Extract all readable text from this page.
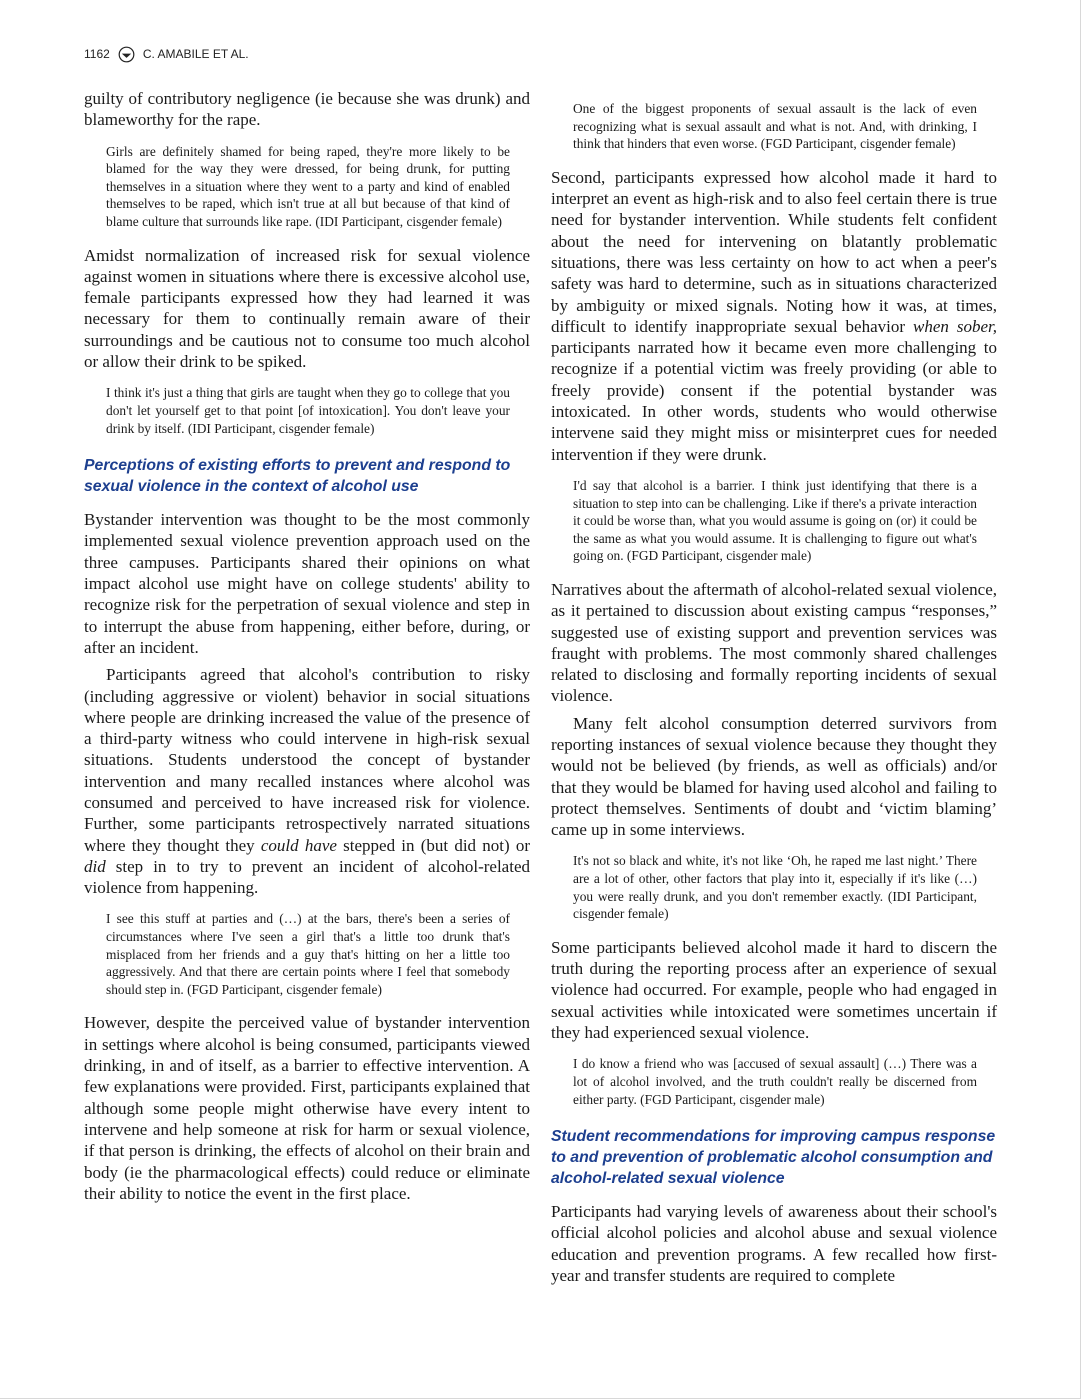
1162	C. AMABILE ET AL.

guilty of contributory negligence (ie because she was drunk) and blameworthy for the rape.

Girls are definitely shamed for being raped, they're more likely to be blamed for the way they were dressed, for being drunk, for putting themselves in a situation where they went to a party and kind of enabled themselves to be raped, which isn't true at all but because of that kind of blame culture that surrounds like rape. (IDI Participant, cisgender female)

Amidst normalization of increased risk for sexual violence against women in situations where there is excessive alcohol use, female participants expressed how they had learned it was necessary for them to continually remain aware of their surroundings and be cautious not to consume too much alcohol or allow their drink to be spiked.

I think it's just a thing that girls are taught when they go to college that you don't let yourself get to that point [of intoxication]. You don't leave your drink by itself. (IDI Participant, cisgender female)
Perceptions of existing efforts to prevent and respond to sexual violence in the context of alcohol use

Bystander intervention was thought to be the most commonly implemented sexual violence prevention approach used on the three campuses. Participants shared their opinions on what impact alcohol use might have on college students' ability to recognize risk for the perpetration of sexual violence and step in to interrupt the abuse from happening, either before, during, or after an incident.

Participants agreed that alcohol's contribution to risky (including aggressive or violent) behavior in social situations where people are drinking increased the value of the presence of a third-party witness who could intervene in high-risk sexual situations. Students understood the concept of bystander intervention and many recalled instances where alcohol was consumed and perceived to have increased risk for violence. Further, some participants retrospectively narrated situations where they thought they could have stepped in (but did not) or did step in to try to prevent an incident of alcohol-related violence from happening.

I see this stuff at parties and (…) at the bars, there's been a series of circumstances where I've seen a girl that's a little too drunk that's misplaced from her friends and a guy that's hitting on her a little too aggressively. And that there are certain points where I feel that somebody should step in. (FGD Participant, cisgender female)

However, despite the perceived value of bystander intervention in settings where alcohol is being consumed, participants viewed drinking, in and of itself, as a barrier to effective intervention. A few explanations were provided. First, participants explained that although some people might otherwise have every intent to intervene and help someone at risk for harm or sexual violence, if that person is drinking, the effects of alcohol on their brain and body (ie the pharmacological effects) could reduce or eliminate their ability to notice the event in the first place.

One of the biggest proponents of sexual assault is the lack of even recognizing what is sexual assault and what is not. And, with drinking, I think that hinders that even worse. (FGD Participant, cisgender female)

Second, participants expressed how alcohol made it hard to interpret an event as high-risk and to also feel certain there is true need for bystander intervention. While students felt confident about the need for intervening on blatantly problematic situations, there was less certainty on how to act when a peer's safety was hard to determine, such as in situations characterized by ambiguity or mixed signals. Noting how it was, at times, difficult to identify inappropriate sexual behavior when sober, participants narrated how it became even more challenging to recognize if a potential victim was freely providing (or able to freely provide) consent if the potential bystander was intoxicated. In other words, students who would otherwise intervene said they might miss or misinterpret cues for needed intervention if they were drunk.

I'd say that alcohol is a barrier. I think just identifying that there is a situation to step into can be challenging. Like if there's a private interaction it could be worse than, what you would assume is going on (or) it could be the same as what you would assume. It is challenging to figure out what's going on. (FGD Participant, cisgender male)

Narratives about the aftermath of alcohol-related sexual violence, as it pertained to discussion about existing campus “responses,” suggested use of existing support and prevention services was fraught with problems. The most commonly shared challenges related to disclosing and formally reporting incidents of sexual violence.

Many felt alcohol consumption deterred survivors from reporting instances of sexual violence because they thought they would not be believed (by friends, as well as officials) and/or that they would be blamed for having used alcohol and failing to protect themselves. Sentiments of doubt and ‘victim blaming’ came up in some interviews.

It's not so black and white, it's not like ‘Oh, he raped me last night.’ There are a lot of other, other factors that play into it, especially if it's like (…) you were really drunk, and you don't remember exactly. (IDI Participant, cisgender female)

Some participants believed alcohol made it hard to discern the truth during the reporting process after an experience of sexual violence had occurred. For example, people who had engaged in sexual activities while intoxicated were sometimes uncertain if they had experienced sexual violence.

I do know a friend who was [accused of sexual assault] (…) There was a lot of alcohol involved, and the truth couldn't really be discerned from either party. (FGD Participant, cisgender male)
Student recommendations for improving campus response to and prevention of problematic alcohol consumption and alcohol-related sexual violence

Participants had varying levels of awareness about their school's official alcohol policies and alcohol abuse and sexual violence education and prevention programs. A few recalled how first-year and transfer students are required to complete
